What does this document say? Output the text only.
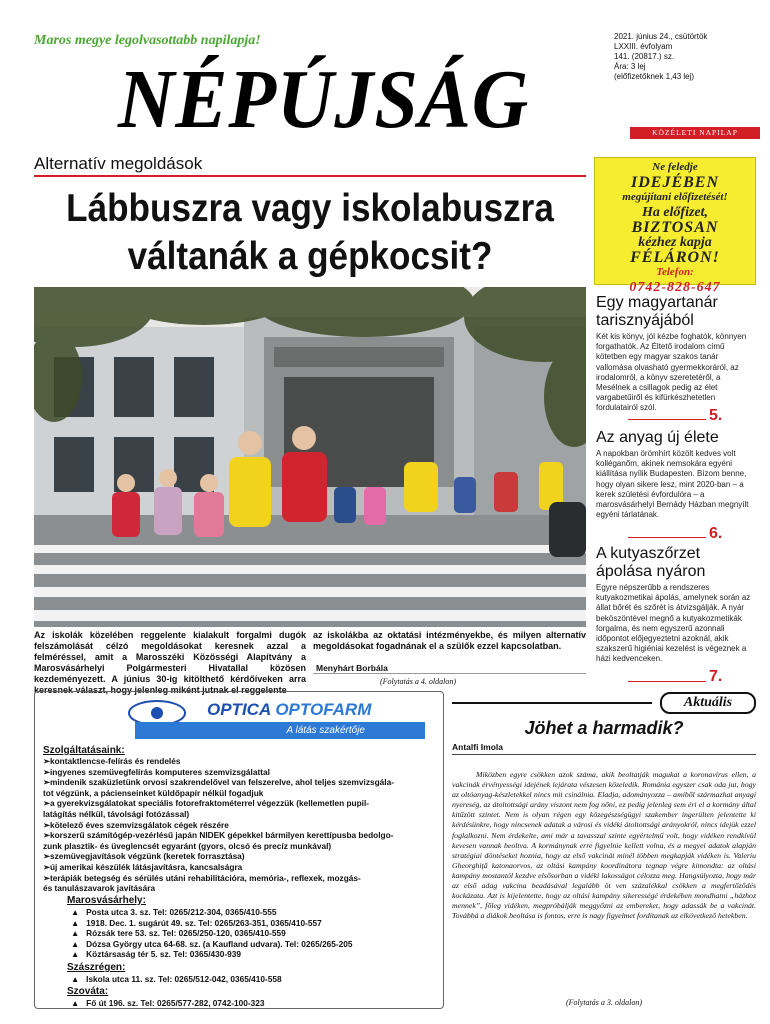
Maros megye legolvasottabb napilapja!
NÉPÚJSÁG
2021. június 24., csütörtök
LXXIII. évfolyam
141. (20817.) sz.
Ára: 3 lej
(előfizetőknek 1,43 lej)
KÖZÉLETI NAPILAP
Alternatív megoldások
Lábbuszra vagy iskolabuszra
váltanák a gépkocsit?
Ne feledje
IDEJÉBEN
megújítani előfizetését!
Ha előfizet,
BIZTOSAN
kézhez kapja
FÉLÁRON!
Telefon:
0742-828-647
Az iskolák közelében reggelente kialakult forgalmi dugók felszámolását célzó megoldásokat keresnek azzal a felméréssel, amit a Marosszéki Közösségi Alapítvány a Marosvásárhelyi Polgármesteri Hivatallal közösen kezdeményezett. A június 30-ig kitölthető kérdőíveken arra keresnek választ, hogy jelenleg miként jutnak el reggelente
az iskolákba az oktatási intézményekbe, és milyen alternatív megoldásokat fogadnának el a szülők ezzel kapcsolatban.
Menyhárt Borbála
(Folytatás a 4. oldalon)
Egy magyartanár tarisznyájából
Két kis könyv, jól kézbe foghatók, könnyen forgathatók. Az Éltető irodalom című kötetben egy magyar szakos tanár vallomása olvasható gyermekkoráról, az irodalomról, a könyv szeretetéről, a Mesélnek a csillagok pedig az élet vargabetűiről és kifürkészhetetlen fordulatairól szól.	5.
Az anyag új élete
A napokban örömhírt közölt kedves volt kolléganőm, akinek nemsokára egyéni kiállítása nyílik Budapesten. Bízom benne, hogy olyan sikere lesz, mint 2020-ban – a kerek születési évfordulóra – a marosvásárhelyi Bernády Házban megnyílt egyéni tárlatának.
6.
A kutyaszőrzet ápolása nyáron
Egyre népszerűbb a rendszeres kutyakozmetikai ápolás, amelynek során az állat bőrét és szőrét is átvizsgálják. A nyár beköszöntével megnő a kutyakozmetikák forgalma, és nem egyszerű azonnali időpontot előjegyeztetni azoknál, akik szakszerű higiéniai kezelést is végeznek a házi kedvenceken.
7.
OPTICA OPTOFARM
A látás szakértője
Szolgáltatásaink:
➢kontaktlencse-felírás és rendelés
➢ingyenes szemüvegfelírás komputeres szemvizsgálattal
➢mindenik szaküzletünk orvosi szakrendelővel van felszerelve, ahol teljes szemvizsgála-
tot végzünk, a pácienseinket küldőpapír nélkül fogadjuk
➢a gyerekvizsgálatokat speciális fotorefraktométerrel végezzük (kellemetlen pupil-
latágítás nélkül, távolsági fotózással)
➢kötelező éves szemvizsgálatok cégek részére
➢korszerű számítógép-vezérlésű japán NIDEK gépekkel bármilyen kerettípusba bedolgo-
zunk plasztik- és üveglencsét egyaránt (gyors, olcsó és precíz munkával)
➢szemüvegjavítások végzünk (keretek forrasztása)
➢új amerikai készülék látásjavításra, kancsalságra
➢terápiák betegség és sérülés utáni rehabilitációra, memória-, reflexek, mozgás-
és tanulászavarok javítására
Marosvásárhely:
▲ Posta utca 3. sz. Tel: 0265/212-304, 0365/410-555
▲ 1918. Dec. 1. sugárút 49. sz. Tel: 0265/263-351, 0365/410-557
▲ Rózsák tere 53. sz. Tel: 0265/250-120, 0365/410-559
▲ Dózsa György utca 64-68. sz. (a Kaufland udvara). Tel: 0265/265-205
▲ Köztársaság tér 5. sz. Tel: 0365/430-939
Szászrégen:
▲ Iskola utca 11. sz. Tel: 0265/512-042, 0365/410-558
Szováta:
▲ Fő út 196. sz. Tel: 0265/577-282, 0742-100-323
Aktuális
Jöhet a harmadik?
Antalfi Imola
Miközben egyre csökken azok száma, akik beoltatják magukat a koronavírus ellen, a vakcinák érvényességi idejének lejárata vészesen közeledik. Románia egyszer csak oda jut, hogy az oltóanyag-készletekkel nincs mit csinálnia. Eladja, adományozza – amiből származhat anyagi nyereség, az átoltottsági arány viszont nem fog nőni, ez pedig jelenleg sem éri el a kormány által kitűzött szintet. Nem is olyan régen egy közegészségügyi szakember ingerülten jelentette ki kérdésünkre, hogy nincsenek adatak a városi és vidéki átoltottsági arányokról, nincs idejük ezzel foglalkozni. Nem érdekelte, ami már a tavasszal szinte egyértelmű volt, hogy vidéken rendkívül kevesen vannak beoltva. A kormánynak erre figyelnie kellett volna, és a megyei adatok alapján stratégiai döntéseket hoznia, hogy az első vakcinát minél többen megkapják vidéken is. Valeriu Gheorghiță katonaorvos, az oltási kampány koordinátora tegnap végre kimondta: az oltási kampány mostantól kezdve elsősorban a vidéki lakosságot célozza meg. Hangsúlyozta, hogy már az első adag vakcina beadásával legalább öt ven százalékkal csökken a megfertőződés kockázata. Azt is kijelentette, hogy az oltási kampány sikerességé érdekében mondhatni „házhoz mennek”, főleg vidéken, megpróbálják meggyőzni az embereket, hogy adassák be a vakcinát. Továbbá a diákok beoltása is fontos, erre is nagy figyelmet fordítanak az elkövetkező hetekben.
(Folytatás a 3. oldalon)
